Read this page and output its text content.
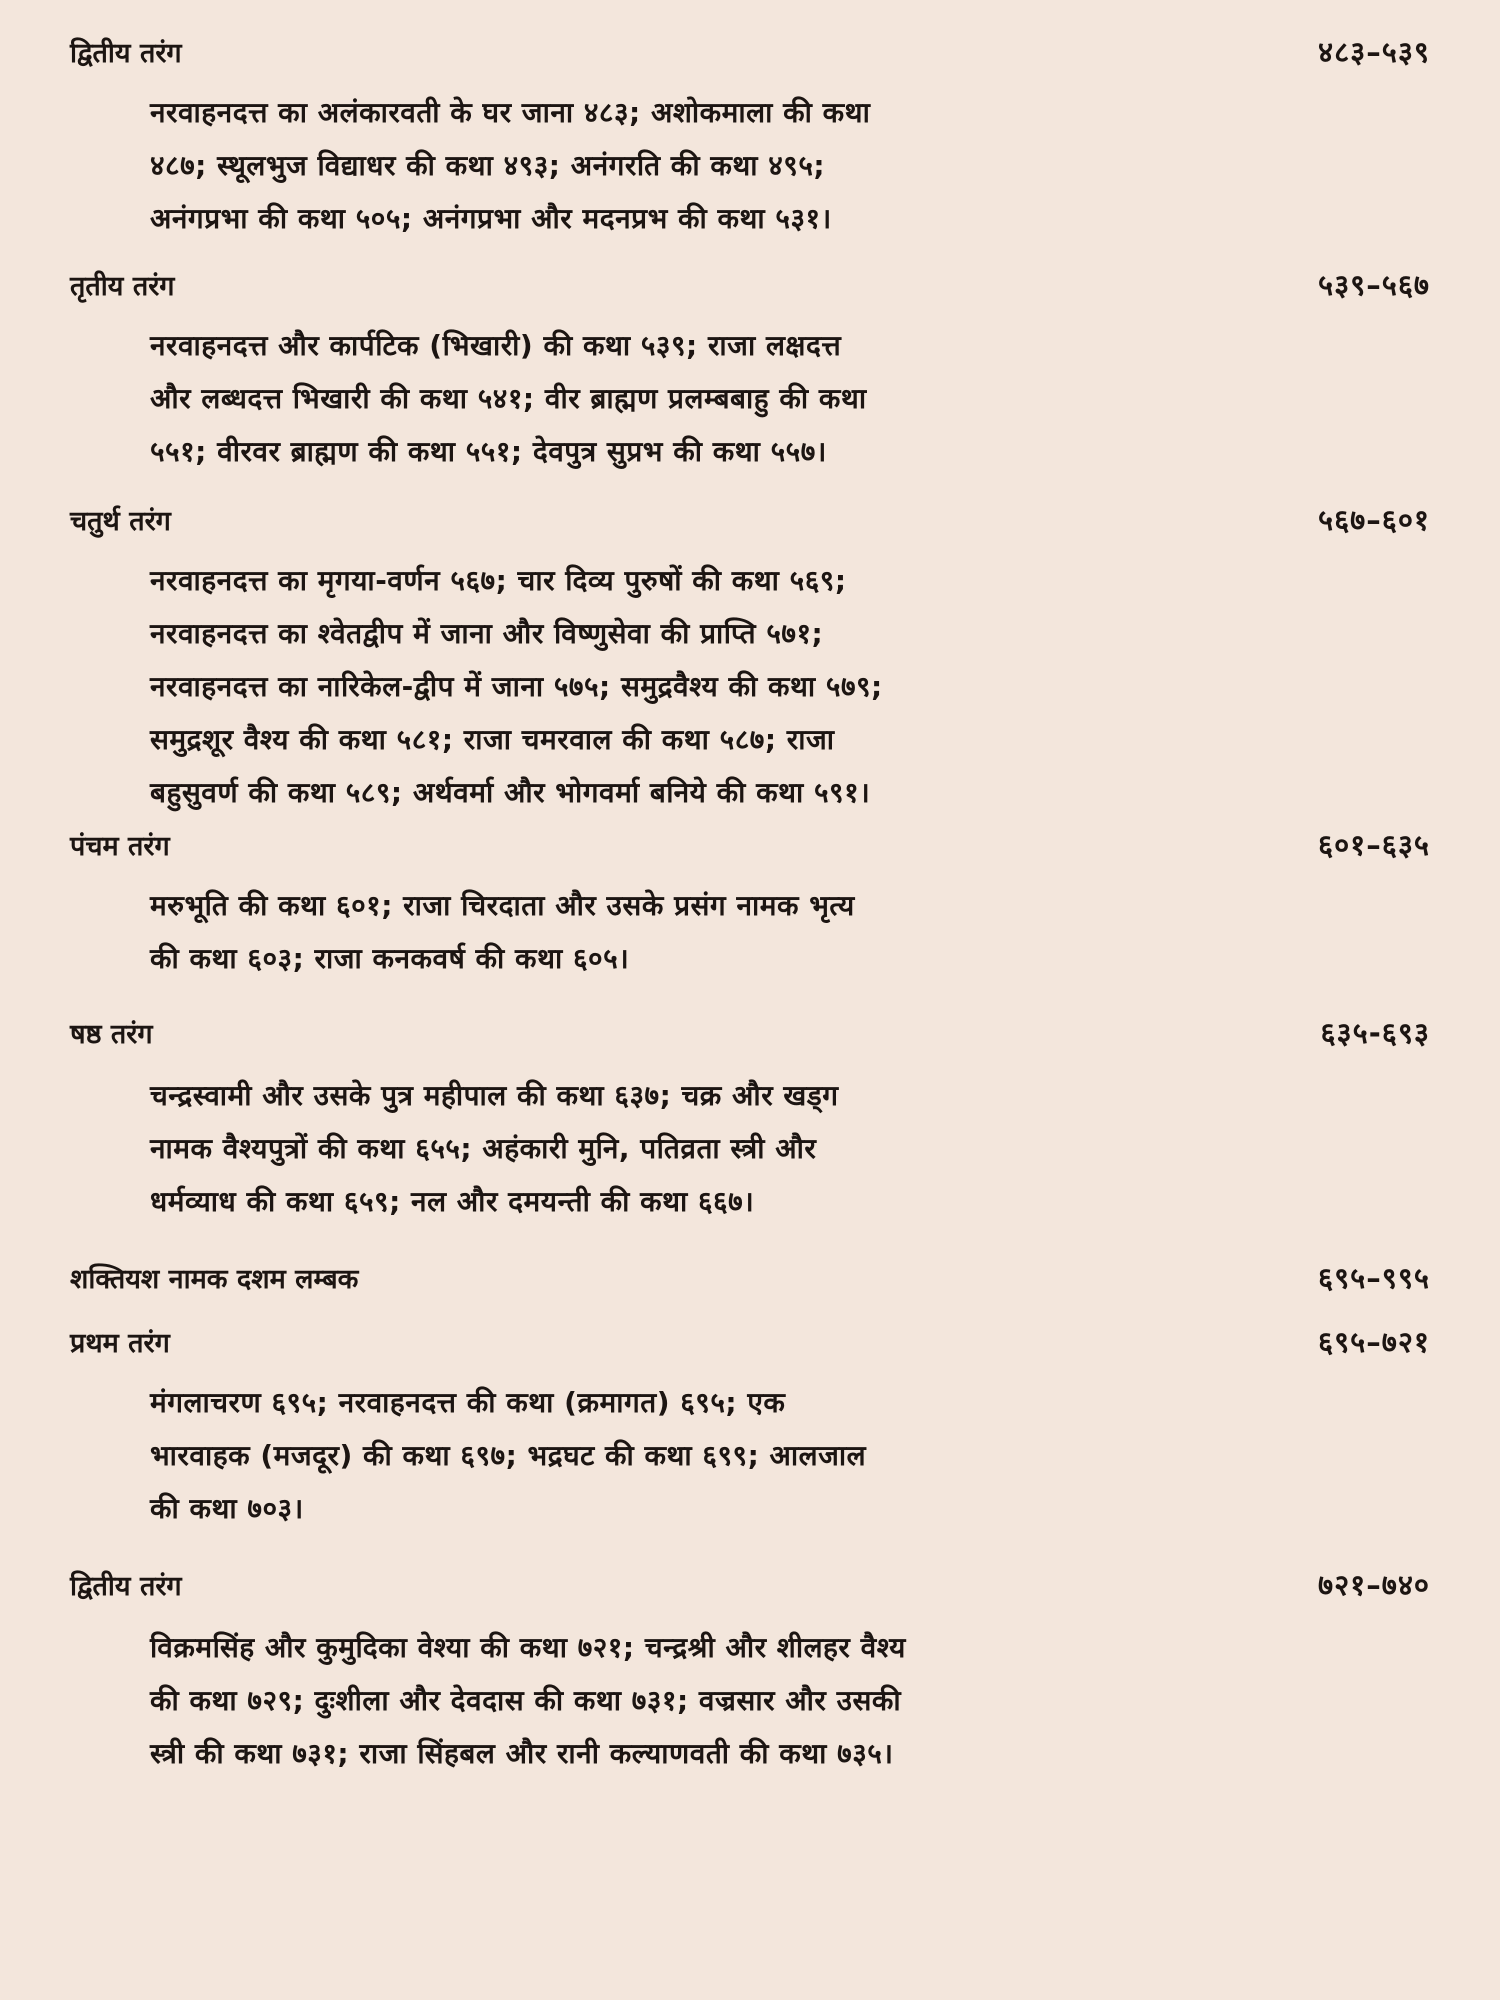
द्वितीय तरंग	४८३–५३९
नरवाहनदत्त का अलंकारवती के घर जाना ४८३; अशोकमाला की कथा
४८७; स्थूलभुज विद्याधर की कथा ४९३; अनंगरति की कथा ४९५;
अनंगप्रभा की कथा ५०५; अनंगप्रभा और मदनप्रभ की कथा ५३१।
तृतीय तरंग	५३९–५६७
नरवाहनदत्त और कार्पटिक (भिखारी) की कथा ५३९; राजा लक्षदत्त
और लब्धदत्त भिखारी की कथा ५४१; वीर ब्राह्मण प्रलम्बबाहु की कथा
५५१; वीरवर ब्राह्मण की कथा ५५१; देवपुत्र सुप्रभ की कथा ५५७।
चतुर्थ तरंग	५६७–६०१
नरवाहनदत्त का मृगया-वर्णन ५६७; चार दिव्य पुरुषों की कथा ५६९;
नरवाहनदत्त का श्वेतद्वीप में जाना और विष्णुसेवा की प्राप्ति ५७१;
नरवाहनदत्त का नारिकेल-द्वीप में जाना ५७५; समुद्रवैश्य की कथा ५७९;
समुद्रशूर वैश्य की कथा ५८१; राजा चमरवाल की कथा ५८७; राजा
बहुसुवर्ण की कथा ५८९; अर्थवर्मा और भोगवर्मा बनिये की कथा ५९१।
पंचम तरंग	६०१–६३५
मरुभूति की कथा ६०१; राजा चिरदाता और उसके प्रसंग नामक भृत्य
की कथा ६०३; राजा कनकवर्ष की कथा ६०५।
षष्ठ तरंग	६३५-६९३
चन्द्रस्वामी और उसके पुत्र महीपाल की कथा ६३७; चक्र और खड्ग
नामक वैश्यपुत्रों की कथा ६५५; अहंकारी मुनि, पतिव्रता स्त्री और
धर्मव्याध की कथा ६५९; नल और दमयन्ती की कथा ६६७।
शक्तियश नामक दशम लम्बक	६९५–९९५
प्रथम तरंग	६९५–७२१
मंगलाचरण ६९५; नरवाहनदत्त की कथा (क्रमागत) ६९५; एक
भारवाहक (मजदूर) की कथा ६९७; भद्रघट की कथा ६९९; आलजाल
की कथा ७०३।
द्वितीय तरंग	७२१–७४०
विक्रमसिंह और कुमुदिका वेश्या की कथा ७२१; चन्द्रश्री और शीलहर वैश्य
की कथा ७२९; दुःशीला और देवदास की कथा ७३१; वज्रसार और उसकी
स्त्री की कथा ७३१; राजा सिंहबल और रानी कल्याणवती की कथा ७३५।
